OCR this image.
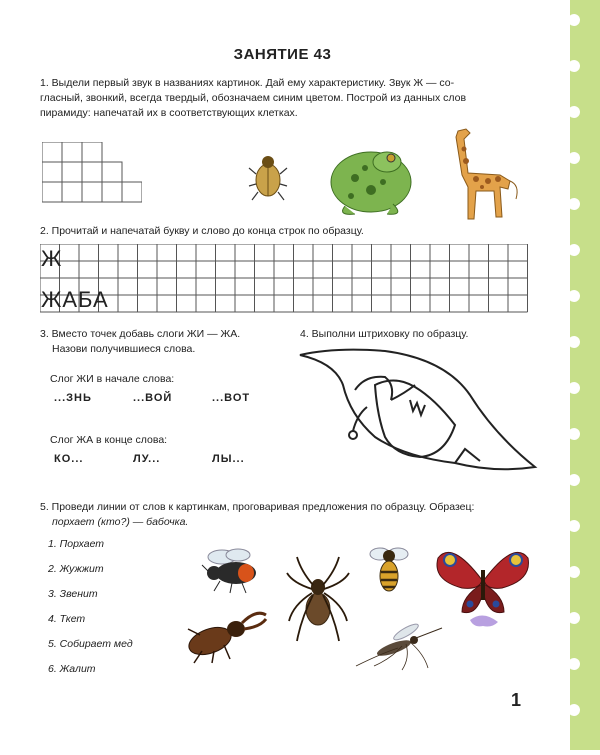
ЗАНЯТИЕ 43
1. Выдели первый звук в названиях картинок. Дай ему характеристику. Звук Ж — со-
гласный, звонкий, всегда твердый, обозначаем синим цветом. Построй из данных слов
пирамиду: напечатай их в соответствующих клетках.
2. Прочитай и напечатай букву и слово до конца строк по образцу.
Ж
ЖАБА
3. Вместо точек добавь слоги ЖИ — ЖА.
Назови получившиеся слова.
Слог ЖИ в начале слова:
...ЗНЬ	...ВОЙ	...ВОТ
Слог ЖА в конце слова:
КО...	ЛУ...	ЛЫ...
4. Выполни штриховку по образцу.
5. Проведи линии от слов к картинкам, проговаривая предложения по образцу. Образец:
порхает (кто?) — бабочка.
1. Порхает
2. Жужжит
3. Звенит
4. Ткет
5. Собирает мед
6. Жалит
1
